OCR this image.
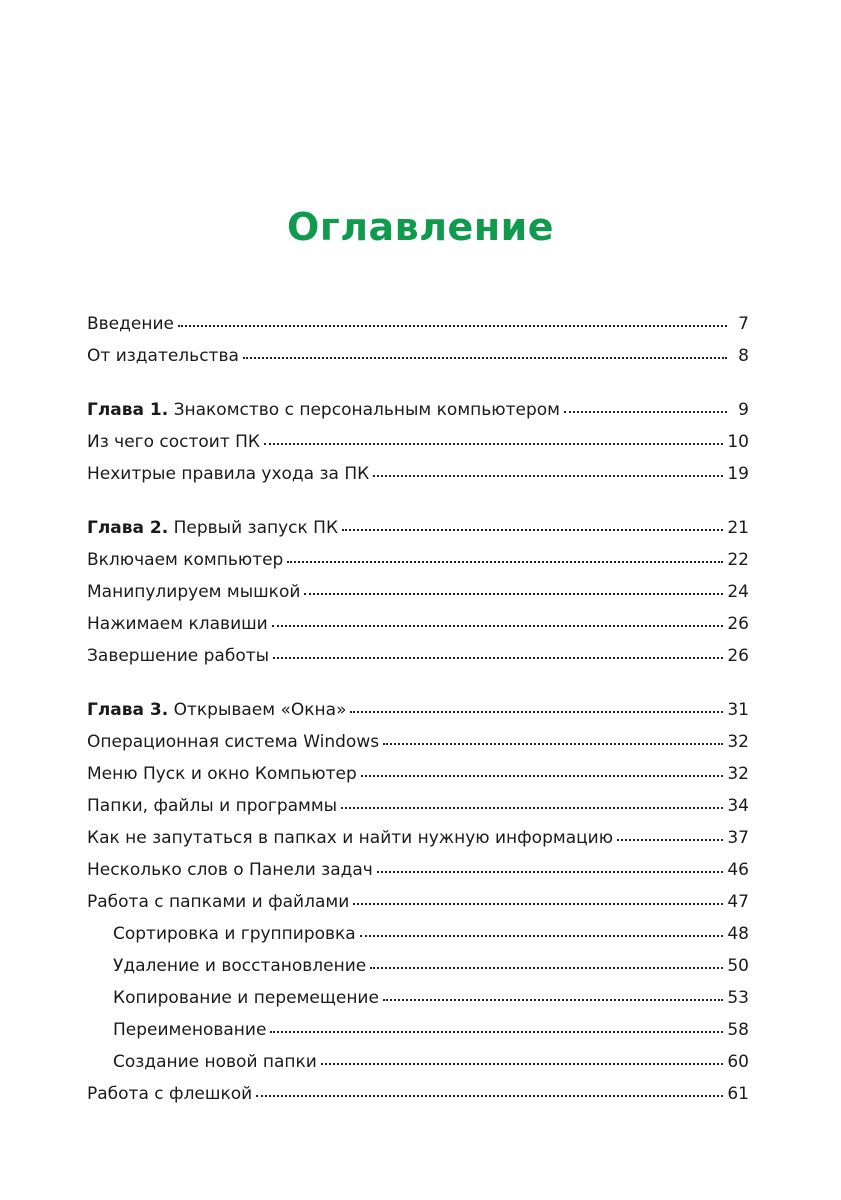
Оглавление
Введение	7
От издательства	8
Глава 1. Знакомство с персональным компьютером	9
Из чего состоит ПК	10
Нехитрые правила ухода за ПК	19
Глава 2. Первый запуск ПК	21
Включаем компьютер	22
Манипулируем мышкой	24
Нажимаем клавиши	26
Завершение работы	26
Глава 3. Открываем «Окна»	31
Операционная система Windows	32
Меню Пуск и окно Компьютер	32
Папки, файлы и программы	34
Как не запутаться в папках и найти нужную информацию	37
Несколько слов о Панели задач	46
Работа с папками и файлами	47
Сортировка и группировка	48
Удаление и восстановление	50
Копирование и перемещение	53
Переименование	58
Создание новой папки	60
Работа с флешкой	61
